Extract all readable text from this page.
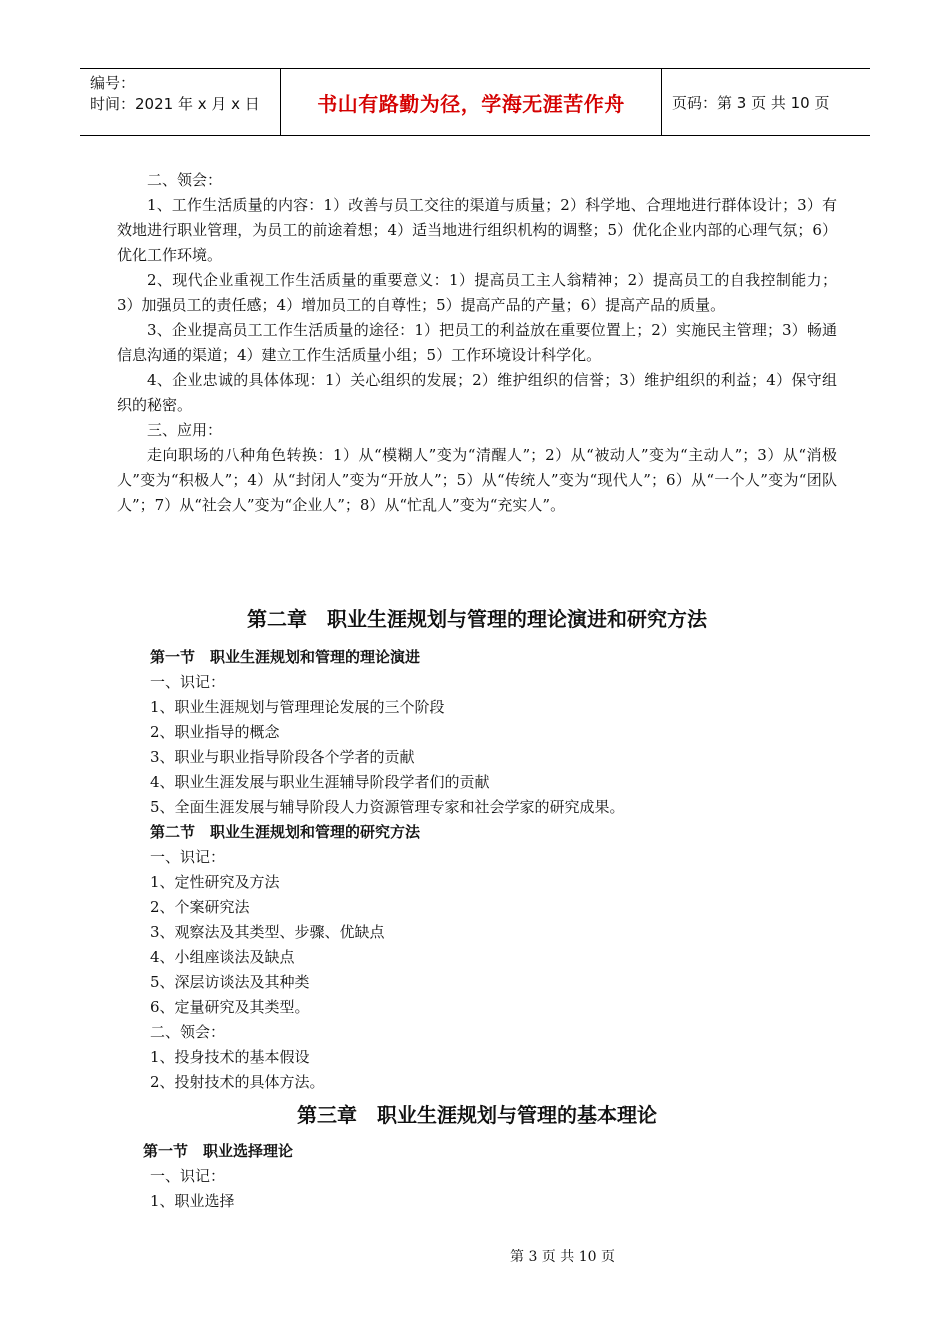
编号：
时间：2021 年 x 月 x 日	书山有路勤为径，学海无涯苦作舟	页码：第 3 页 共 10 页

二、领会：

1、工作生活质量的内容：1）改善与员工交往的渠道与质量；2）科学地、合理地进行群体设计；3）有效地进行职业管理，为员工的前途着想；4）适当地进行组织机构的调整；5）优化企业内部的心理气氛；6）优化工作环境。

2、现代企业重视工作生活质量的重要意义：1）提高员工主人翁精神；2）提高员工的自我控制能力；3）加强员工的责任感；4）增加员工的自尊性；5）提高产品的产量；6）提高产品的质量。

3、企业提高员工工作生活质量的途径：1）把员工的利益放在重要位置上；2）实施民主管理；3）畅通信息沟通的渠道；4）建立工作生活质量小组；5）工作环境设计科学化。

4、企业忠诚的具体体现：1）关心组织的发展；2）维护组织的信誉；3）维护组织的利益；4）保守组织的秘密。

三、应用：

走向职场的八种角色转换：1）从“模糊人”变为“清醒人”；2）从“被动人”变为“主动人”；3）从“消极人”变为“积极人”；4）从“封闭人”变为“开放人”；5）从“传统人”变为“现代人”；6）从“一个人”变为“团队人”；7）从“社会人”变为“企业人”；8）从“忙乱人”变为“充实人”。

第二章　职业生涯规划与管理的理论演进和研究方法

第一节　职业生涯规划和管理的理论演进

一、识记：

1、职业生涯规划与管理理论发展的三个阶段

2、职业指导的概念

3、职业与职业指导阶段各个学者的贡献

4、职业生涯发展与职业生涯辅导阶段学者们的贡献

5、全面生涯发展与辅导阶段人力资源管理专家和社会学家的研究成果。

第二节　职业生涯规划和管理的研究方法

一、识记：

1、定性研究及方法

2、个案研究法

3、观察法及其类型、步骤、优缺点

4、小组座谈法及缺点

5、深层访谈法及其种类

6、定量研究及其类型。

二、领会：

1、投身技术的基本假设

2、投射技术的具体方法。

第三章　职业生涯规划与管理的基本理论

第一节　职业选择理论

一、识记：

1、职业选择

第 3 页 共 10 页
